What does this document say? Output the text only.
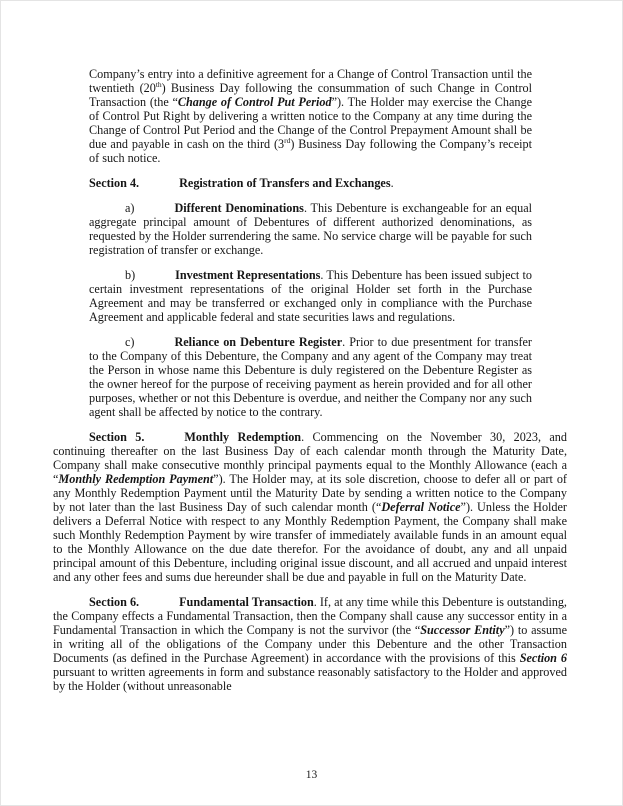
Company’s entry into a definitive agreement for a Change of Control Transaction until the twentieth (20th) Business Day following the consummation of such Change in Control Transaction (the “Change of Control Put Period”). The Holder may exercise the Change of Control Put Right by delivering a written notice to the Company at any time during the Change of Control Put Period and the Change of the Control Prepayment Amount shall be due and payable in cash on the third (3rd) Business Day following the Company’s receipt of such notice.

Section 4.	Registration of Transfers and Exchanges.

a)	Different Denominations. This Debenture is exchangeable for an equal aggregate principal amount of Debentures of different authorized denominations, as requested by the Holder surrendering the same. No service charge will be payable for such registration of transfer or exchange.

b)	Investment Representations. This Debenture has been issued subject to certain investment representations of the original Holder set forth in the Purchase Agreement and may be transferred or exchanged only in compliance with the Purchase Agreement and applicable federal and state securities laws and regulations.

c)	Reliance on Debenture Register. Prior to due presentment for transfer to the Company of this Debenture, the Company and any agent of the Company may treat the Person in whose name this Debenture is duly registered on the Debenture Register as the owner hereof for the purpose of receiving payment as herein provided and for all other purposes, whether or not this Debenture is overdue, and neither the Company nor any such agent shall be affected by notice to the contrary.

Section 5.	Monthly Redemption. Commencing on the November 30, 2023, and continuing thereafter on the last Business Day of each calendar month through the Maturity Date, Company shall make consecutive monthly principal payments equal to the Monthly Allowance (each a “Monthly Redemption Payment”). The Holder may, at its sole discretion, choose to defer all or part of any Monthly Redemption Payment until the Maturity Date by sending a written notice to the Company by not later than the last Business Day of such calendar month (“Deferral Notice”). Unless the Holder delivers a Deferral Notice with respect to any Monthly Redemption Payment, the Company shall make such Monthly Redemption Payment by wire transfer of immediately available funds in an amount equal to the Monthly Allowance on the due date therefor. For the avoidance of doubt, any and all unpaid principal amount of this Debenture, including original issue discount, and all accrued and unpaid interest and any other fees and sums due hereunder shall be due and payable in full on the Maturity Date.

Section 6.	Fundamental Transaction. If, at any time while this Debenture is outstanding, the Company effects a Fundamental Transaction, then the Company shall cause any successor entity in a Fundamental Transaction in which the Company is not the survivor (the “Successor Entity”) to assume in writing all of the obligations of the Company under this Debenture and the other Transaction Documents (as defined in the Purchase Agreement) in accordance with the provisions of this Section 6 pursuant to written agreements in form and substance reasonably satisfactory to the Holder and approved by the Holder (without unreasonable

13
